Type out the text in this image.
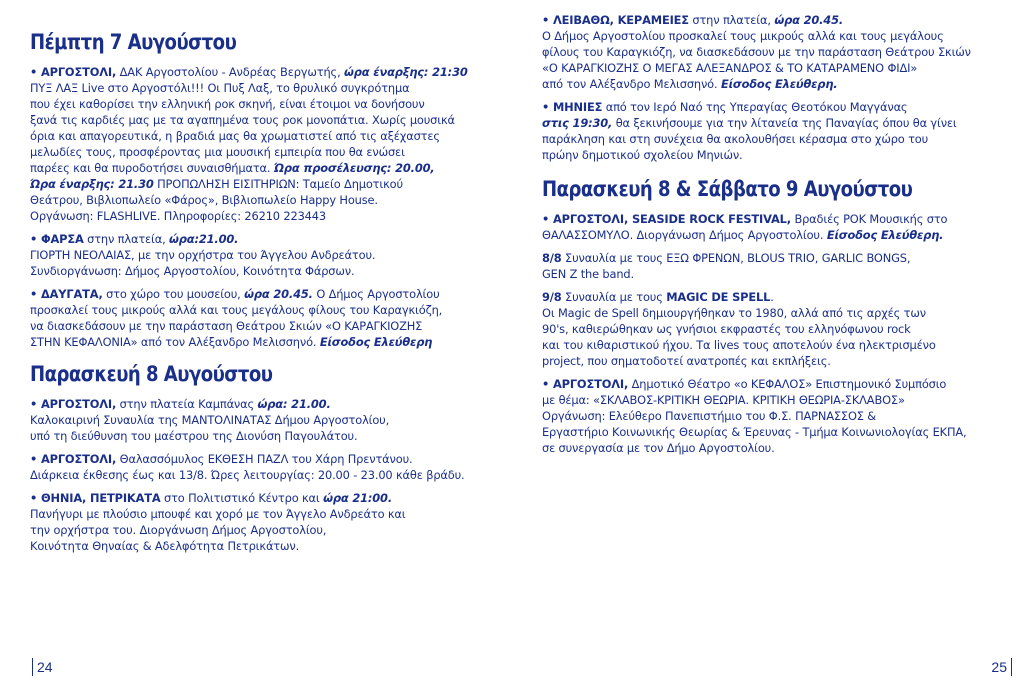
Πέμπτη 7 Αυγούστου
• ΑΡΓΟΣΤΟΛΙ, ΔΑΚ Αργοστολίου - Ανδρέας Βεργωτής, ώρα έναρξης: 21:30
ΠΥΞ ΛΑΞ Live στο Αργοστόλι!!! Οι Πυξ Λαξ, το θρυλικό συγκρότημα
που έχει καθορίσει την ελληνική ροκ σκηνή, είναι έτοιμοι να δονήσουν
ξανά τις καρδιές μας με τα αγαπημένα τους ροκ μονοπάτια. Χωρίς μουσικά
όρια και απαγορευτικά, η βραδιά μας θα χρωματιστεί από τις αξέχαστες
μελωδίες τους, προσφέροντας μια μουσική εμπειρία που θα ενώσει
παρέες και θα πυροδοτήσει συναισθήματα. Ώρα προσέλευσης: 20.00,
Ώρα έναρξης: 21.30 ΠΡΟΠΩΛΗΣΗ ΕΙΣΙΤΗΡΙΩΝ: Ταμείο Δημοτικού
Θεάτρου, Βιβλιοπωλείο «Φάρος», Βιβλιοπωλείο Happy House.
Οργάνωση: FLASHLIVE. Πληροφορίες: 26210 223443
• ΦΑΡΣΑ στην πλατεία, ώρα:21.00.
ΓΙΟΡΤΗ ΝΕΟΛΑΙΑΣ, με την ορχήστρα του Άγγελου Ανδρεάτου.
Συνδιοργάνωση: Δήμος Αργοστολίου, Κοινότητα Φάρσων.
• ΔΑΥΓΑΤΑ, στο χώρο του μουσείου, ώρα 20.45. Ο Δήμος Αργοστολίου
προσκαλεί τους μικρούς αλλά και τους μεγάλους φίλους του Καραγκιόζη,
να διασκεδάσουν με την παράσταση Θεάτρου Σκιών «Ο ΚΑΡΑΓΚΙΟΖΗΣ
ΣΤΗΝ ΚΕΦΑΛΟΝΙΑ» από τον Αλέξανδρο Μελισσηνό. Είσοδος Ελεύθερη
Παρασκευή 8 Αυγούστου
• ΑΡΓΟΣΤΟΛΙ, στην πλατεία Καμπάνας ώρα: 21.00.
Καλοκαιρινή Συναυλία της ΜΑΝΤΟΛΙΝΑΤΑΣ Δήμου Αργοστολίου,
υπό τη διεύθυνση του μαέστρου της Διονύση Παγουλάτου.
• ΑΡΓΟΣΤΟΛΙ, Θαλασσόμυλος ΕΚΘΕΣΗ ΠΑΖΛ του Χάρη Πρεντάνου.
Διάρκεια έκθεσης έως και 13/8. Ώρες λειτουργίας: 20.00 - 23.00 κάθε βράδυ.
• ΘΗΝΙΑ, ΠΕΤΡΙΚΑΤΑ στο Πολιτιστικό Κέντρο και ώρα 21:00.
Πανήγυρι με πλούσιο μπουφέ και χορό με τον Άγγελο Ανδρεάτο και
την ορχήστρα του. Διοργάνωση Δήμος Αργοστολίου,
Κοινότητα Θηναίας & Αδελφότητα Πετρικάτων.
24
• ΛΕΙΒΑΘΩ, ΚΕΡΑΜΕΙΕΣ στην πλατεία, ώρα 20.45.
Ο Δήμος Αργοστολίου προσκαλεί τους μικρούς αλλά και τους μεγάλους
φίλους του Καραγκιόζη, να διασκεδάσουν με την παράσταση Θεάτρου Σκιών
«Ο ΚΑΡΑΓΚΙΟΖΗΣ Ο ΜΕΓΑΣ ΑΛΕΞΑΝΔΡΟΣ & ΤΟ ΚΑΤΑΡΑΜΕΝΟ ΦΙΔΙ»
από τον Αλέξανδρο Μελισσηνό. Είσοδος Ελεύθερη.
• ΜΗΝΙΕΣ από τον Ιερό Ναό της Υπεραγίας Θεοτόκου Μαγγάνας
στις 19:30, θα ξεκινήσουμε για την λίτανεία της Παναγίας όπου θα γίνει
παράκληση και στη συνέχεια θα ακολουθήσει κέρασμα στο χώρο του
πρώην δημοτικού σχολείου Μηνιών.
Παρασκευή 8 & Σάββατο 9 Αυγούστου
• ΑΡΓΟΣΤΟΛΙ, SEASIDE ROCK FESTIVAL, Βραδιές ΡΟΚ Μουσικής στο
ΘΑΛΑΣΣΟΜΥΛΟ. Διοργάνωση Δήμος Αργοστολίου. Είσοδος Ελεύθερη.
8/8 Συναυλία με τους ΕΞΩ ΦΡΕΝΩΝ, BLOUS TRIO, GARLIC BONGS,
GEN Z the band.
9/8 Συναυλία με τους MAGIC DE SPELL.
Οι Magic de Spell δημιουργήθηκαν το 1980, αλλά από τις αρχές των
90's, καθιερώθηκαν ως γνήσιοι εκφραστές του ελληνόφωνου rock
και του κιθαριστικού ήχου. Τα lives τους αποτελούν ένα ηλεκτρισμένο
project, που σηματοδοτεί ανατροπές και εκπλήξεις.
• ΑΡΓΟΣΤΟΛΙ, Δημοτικό Θέατρο «ο ΚΕΦΑΛΟΣ» Επιστημονικό Συμπόσιο
με θέμα: «ΣΚΛΑΒΟΣ-ΚΡΙΤΙΚΗ ΘΕΩΡΙΑ. ΚΡΙΤΙΚΗ ΘΕΩΡΙΑ-ΣΚΛΑΒΟΣ»
Οργάνωση: Ελεύθερο Πανεπιστήμιο του Φ.Σ. ΠΑΡΝΑΣΣΟΣ &
Εργαστήριο Κοινωνικής Θεωρίας & Έρευνας - Τμήμα Κοινωνιολογίας ΕΚΠΑ,
σε συνεργασία με τον Δήμο Αργοστολίου.
25
